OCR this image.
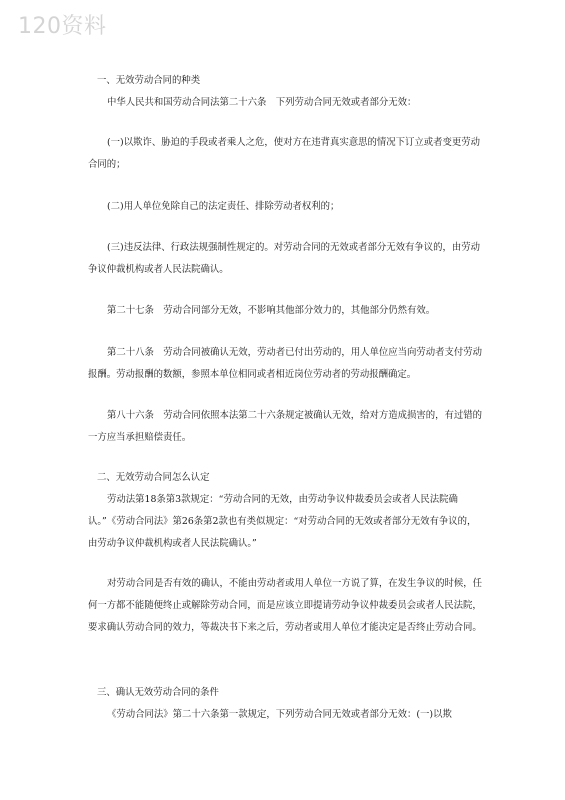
120资料
一、无效劳动合同的种类
中华人民共和国劳动合同法第二十六条　下列劳动合同无效或者部分无效：
(一)以欺诈、胁迫的手段或者乘人之危，使对方在违背真实意思的情况下订立或者变更劳动合同的；
(二)用人单位免除自己的法定责任、排除劳动者权利的；
(三)违反法律、行政法规强制性规定的。对劳动合同的无效或者部分无效有争议的，由劳动争议仲裁机构或者人民法院确认。
第二十七条　劳动合同部分无效，不影响其他部分效力的，其他部分仍然有效。
第二十八条　劳动合同被确认无效，劳动者已付出劳动的，用人单位应当向劳动者支付劳动报酬。劳动报酬的数额，参照本单位相同或者相近岗位劳动者的劳动报酬确定。
第八十六条　劳动合同依照本法第二十六条规定被确认无效，给对方造成损害的，有过错的一方应当承担赔偿责任。
二、无效劳动合同怎么认定
劳动法第18条第3款规定：“劳动合同的无效，由劳动争议仲裁委员会或者人民法院确认。”《劳动合同法》第26条第2款也有类似规定：“对劳动合同的无效或者部分无效有争议的，由劳动争议仲裁机构或者人民法院确认。”
对劳动合同是否有效的确认，不能由劳动者或用人单位一方说了算，在发生争议的时候，任何一方都不能随便终止或解除劳动合同，而是应该立即提请劳动争议仲裁委员会或者人民法院，要求确认劳动合同的效力，等裁决书下来之后，劳动者或用人单位才能决定是否终止劳动合同。
三、确认无效劳动合同的条件
《劳动合同法》第二十六条第一款规定，下列劳动合同无效或者部分无效：(一)以欺
